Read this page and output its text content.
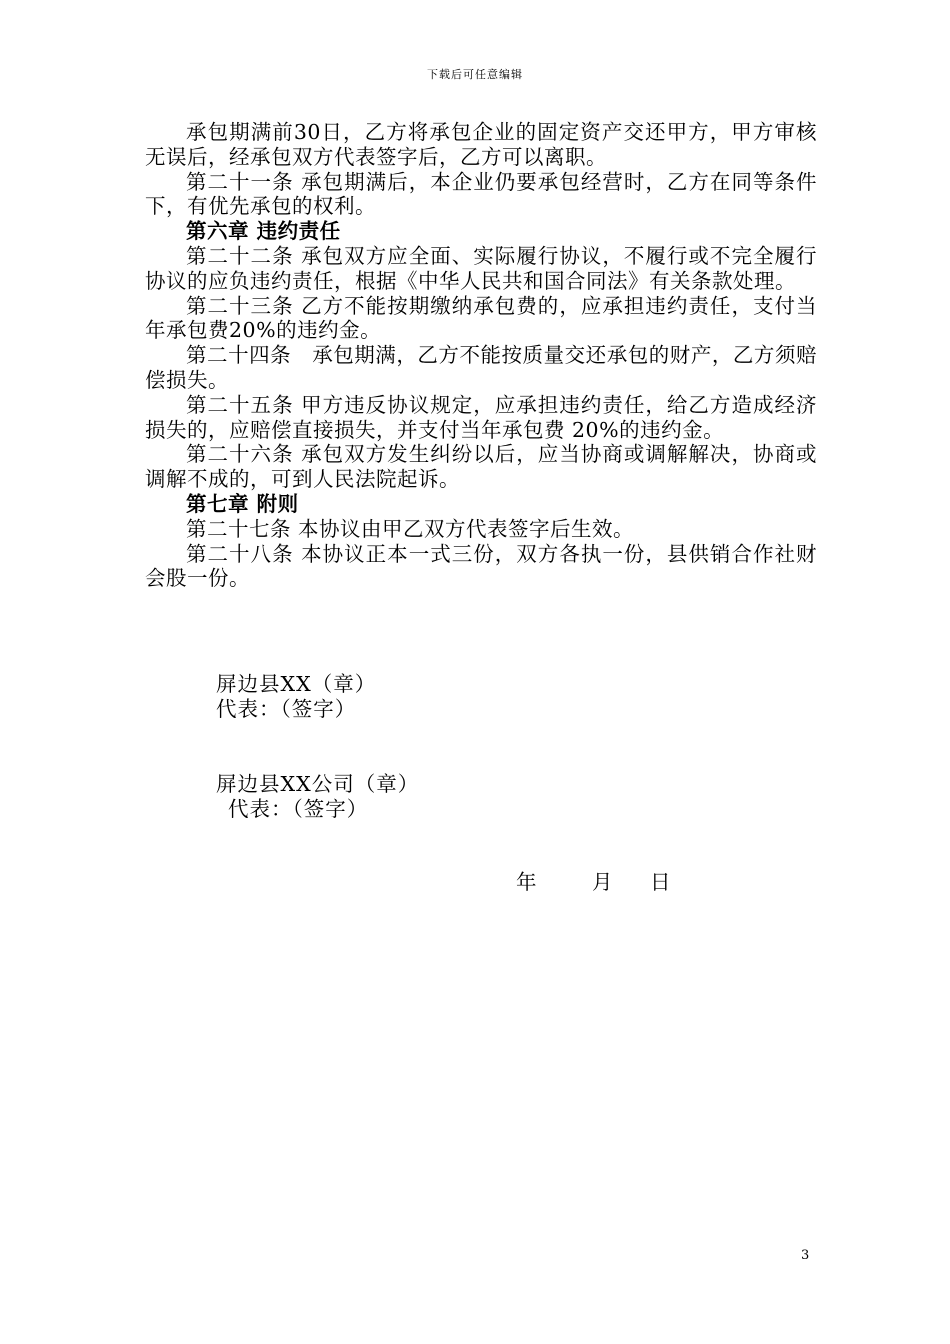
下载后可任意编辑

承包期满前30日，乙方将承包企业的固定资产交还甲方，甲方审核无误后，经承包双方代表签字后，乙方可以离职。

第二十一条 承包期满后，本企业仍要承包经营时，乙方在同等条件下，有优先承包的权利。

第六章 违约责任

第二十二条 承包双方应全面、实际履行协议，不履行或不完全履行协议的应负违约责任，根据《中华人民共和国合同法》有关条款处理。

第二十三条 乙方不能按期缴纳承包费的，应承担违约责任，支付当年承包费20%的违约金。

第二十四条　承包期满，乙方不能按质量交还承包的财产，乙方须赔偿损失。

第二十五条 甲方违反协议规定，应承担违约责任，给乙方造成经济损失的，应赔偿直接损失，并支付当年承包费 20%的违约金。

第二十六条 承包双方发生纠纷以后，应当协商或调解解决，协商或调解不成的，可到人民法院起诉。

第七章 附则

第二十七条 本协议由甲乙双方代表签字后生效。

第二十八条 本协议正本一式三份，双方各执一份，县供销合作社财会股一份。

屏边县XX（章）
代表：（签字）
屏边县XX公司（章）
代表：（签字）
年	月 日
3
